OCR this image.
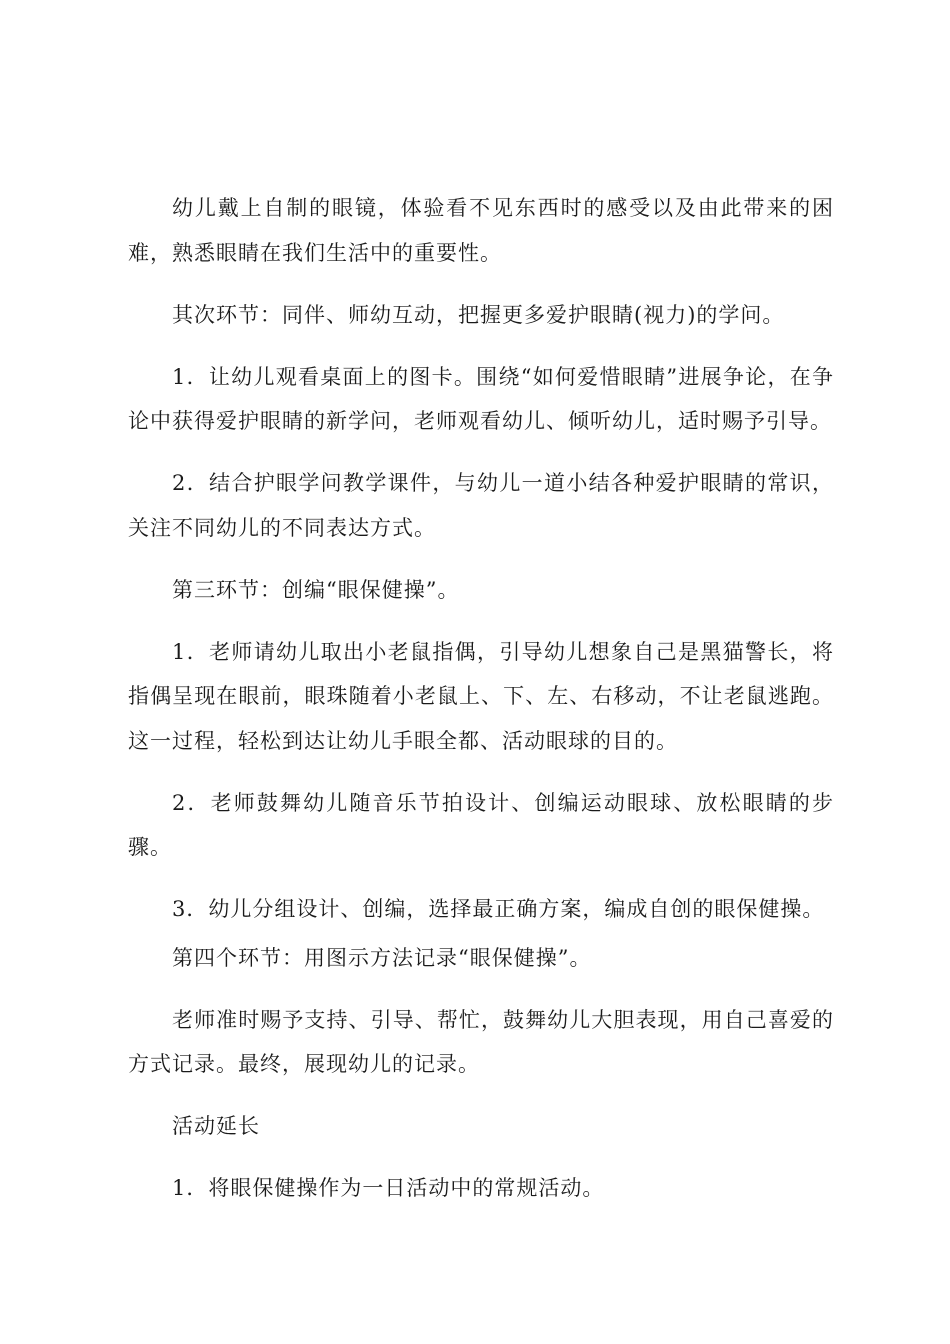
幼儿戴上自制的眼镜，体验看不见东西时的感受以及由此带来的困难，熟悉眼睛在我们生活中的重要性。

其次环节：同伴、师幼互动，把握更多爱护眼睛(视力)的学问。

1．让幼儿观看桌面上的图卡。围绕“如何爱惜眼睛”进展争论，在争论中获得爱护眼睛的新学问，老师观看幼儿、倾听幼儿，适时赐予引导。

2．结合护眼学问教学课件，与幼儿一道小结各种爱护眼睛的常识，关注不同幼儿的不同表达方式。

第三环节：创编“眼保健操”。

1．老师请幼儿取出小老鼠指偶，引导幼儿想象自己是黑猫警长，将指偶呈现在眼前，眼珠随着小老鼠上、下、左、右移动，不让老鼠逃跑。这一过程，轻松到达让幼儿手眼全都、活动眼球的目的。

2．老师鼓舞幼儿随音乐节拍设计、创编运动眼球、放松眼睛的步骤。

3．幼儿分组设计、创编，选择最正确方案，编成自创的眼保健操。

第四个环节：用图示方法记录“眼保健操”。

老师准时赐予支持、引导、帮忙，鼓舞幼儿大胆表现，用自己喜爱的方式记录。最终，展现幼儿的记录。

活动延长

1．将眼保健操作为一日活动中的常规活动。
